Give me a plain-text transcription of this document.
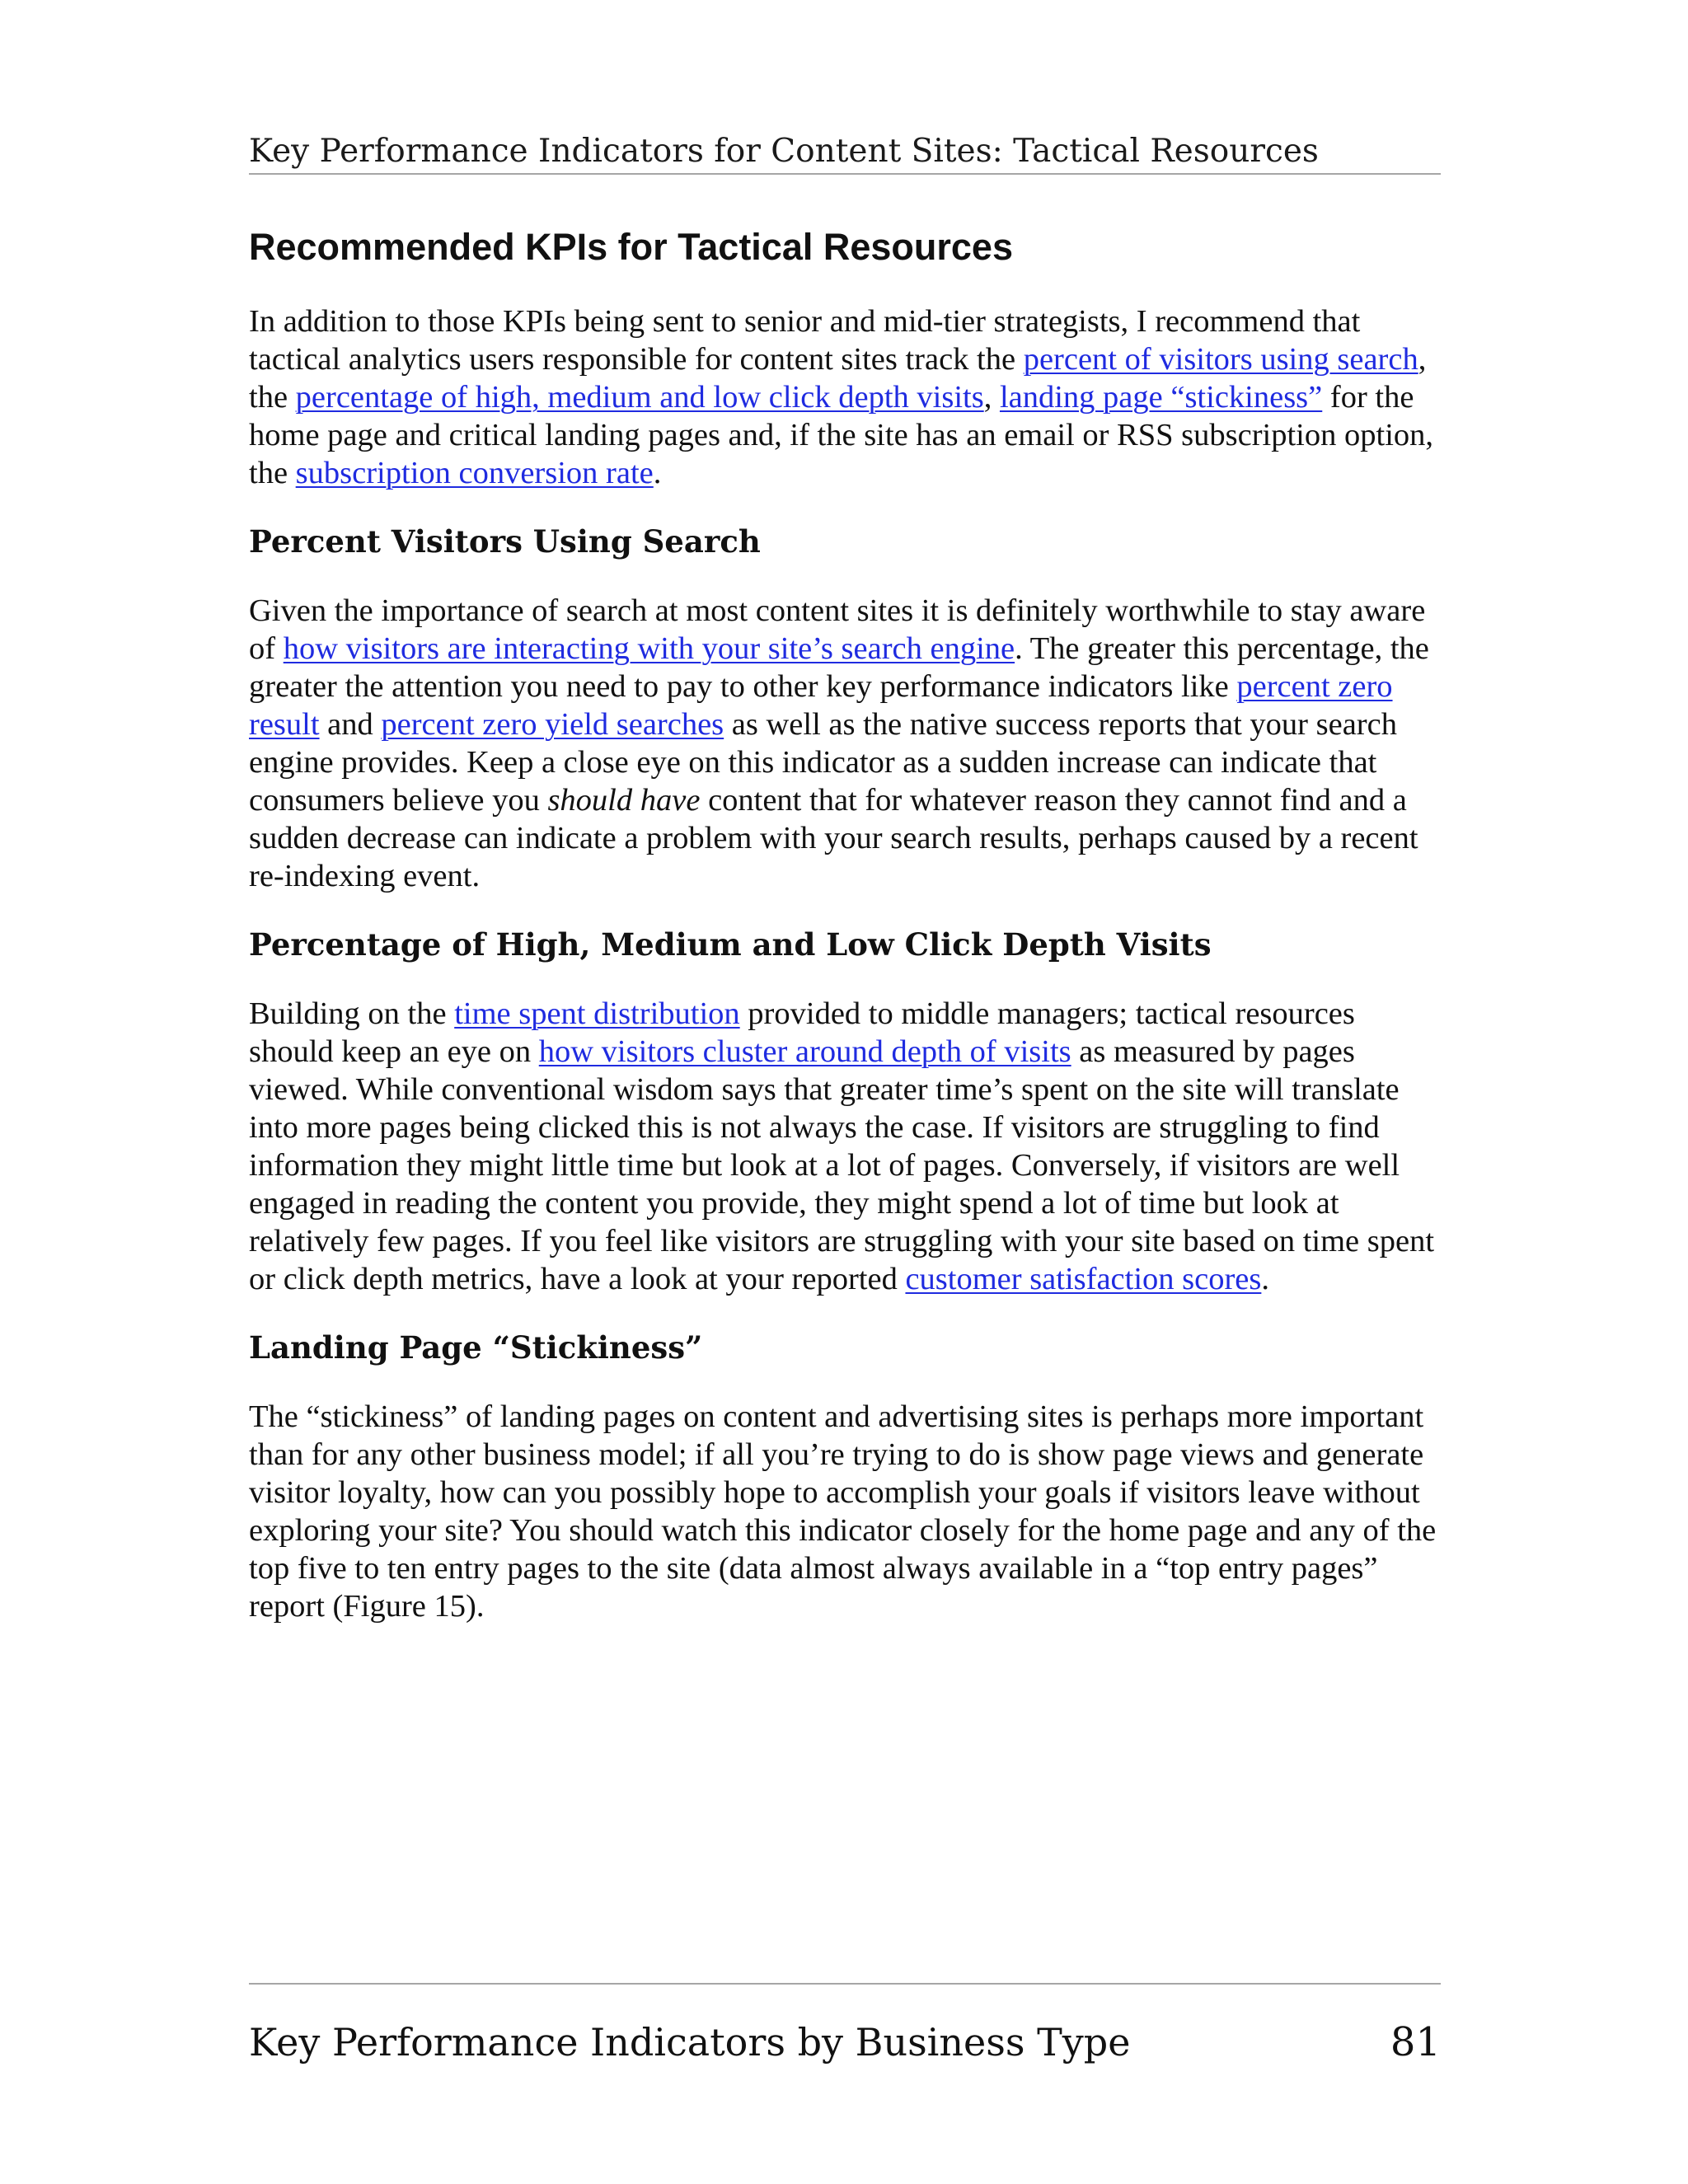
Key Performance Indicators for Content Sites: Tactical Resources
Recommended KPIs for Tactical Resources

In addition to those KPIs being sent to senior and mid-tier strategists, I recommend that tactical analytics users responsible for content sites track the percent of visitors using search, the percentage of high, medium and low click depth visits, landing page “stickiness” for the home page and critical landing pages and, if the site has an email or RSS subscription option, the subscription conversion rate.

Percent Visitors Using Search

Given the importance of search at most content sites it is definitely worthwhile to stay aware of how visitors are interacting with your site’s search engine. The greater this percentage, the greater the attention you need to pay to other key performance indicators like percent zero result and percent zero yield searches as well as the native success reports that your search engine provides. Keep a close eye on this indicator as a sudden increase can indicate that consumers believe you should have content that for whatever reason they cannot find and a sudden decrease can indicate a problem with your search results, perhaps caused by a recent re-indexing event.

Percentage of High, Medium and Low Click Depth Visits

Building on the time spent distribution provided to middle managers; tactical resources should keep an eye on how visitors cluster around depth of visits as measured by pages viewed. While conventional wisdom says that greater time’s spent on the site will translate into more pages being clicked this is not always the case. If visitors are struggling to find information they might little time but look at a lot of pages. Conversely, if visitors are well engaged in reading the content you provide, they might spend a lot of time but look at relatively few pages. If you feel like visitors are struggling with your site based on time spent or click depth metrics, have a look at your reported customer satisfaction scores.

Landing Page “Stickiness”

The “stickiness” of landing pages on content and advertising sites is perhaps more important than for any other business model; if all you’re trying to do is show page views and generate visitor loyalty, how can you possibly hope to accomplish your goals if visitors leave without exploring your site? You should watch this indicator closely for the home page and any of the top five to ten entry pages to the site (data almost always available in a “top entry pages” report (Figure 15).

Key Performance Indicators by Business Type	81
